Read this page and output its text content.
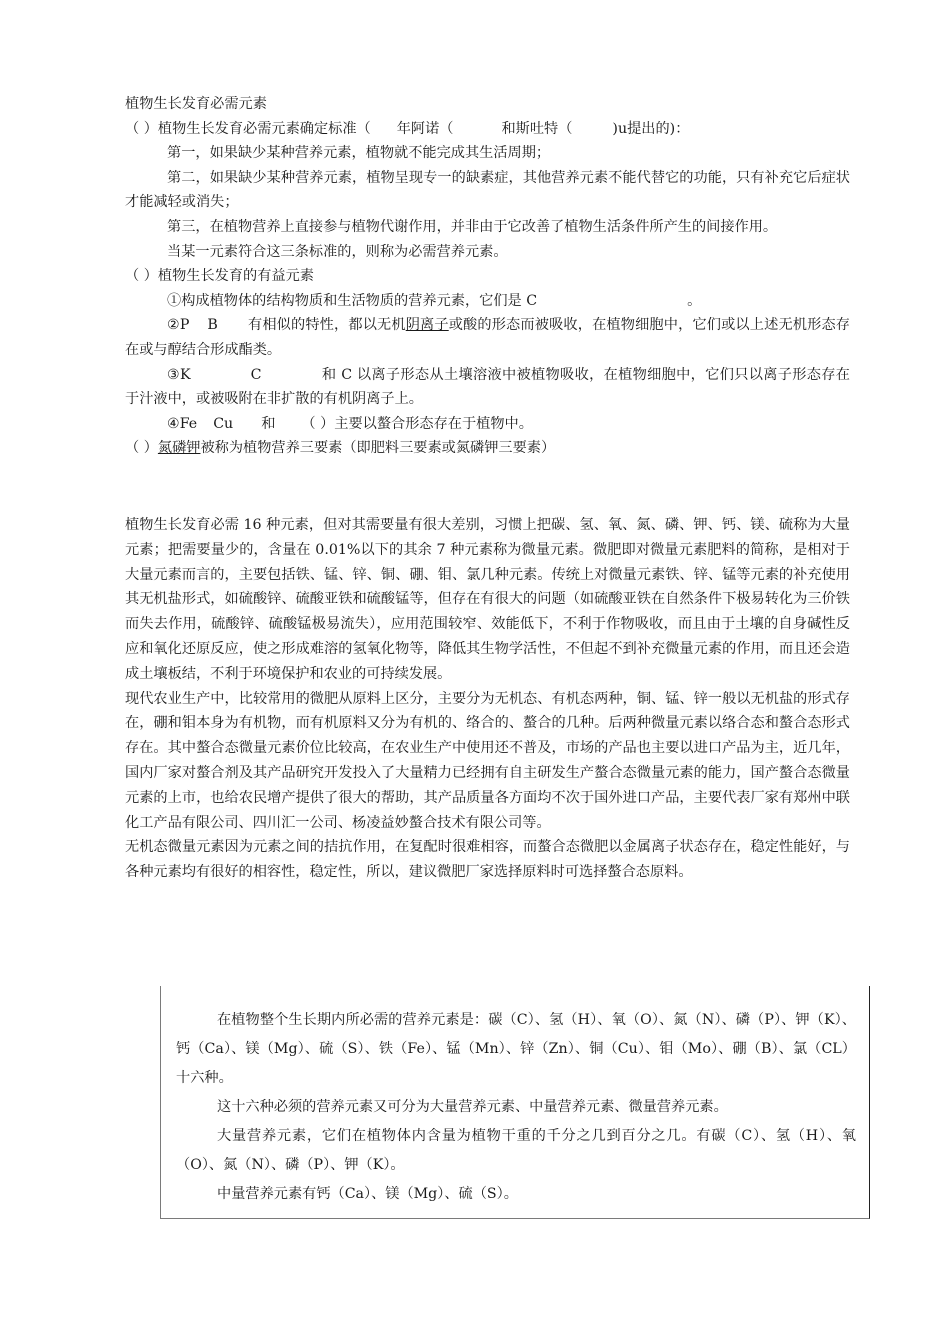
植物生长发育必需元素

（ ）植物生长发育必需元素确定标准（ 年阿诺（	和斯吐特（	)u提出的)：

第一，如果缺少某种营养元素，植物就不能完成其生活周期；

第二，如果缺少某种营养元素，植物呈现专一的缺素症，其他营养元素不能代替它的功能，只有补充它后症状才能减轻或消失；

第三，在植物营养上直接参与植物代谢作用，并非由于它改善了植物生活条件所产生的间接作用。

当某一元素符合这三条标准的，则称为必需营养元素。

（ ）植物生长发育的有益元素

①构成植物体的结构物质和生活物质的营养元素，它们是 C	。

②P B 有相似的特性，都以无机阴离子或酸的形态而被吸收，在植物细胞中，它们或以上述无机形态存在或与醇结合形成酯类。

③K	C	和 C 以离子形态从土壤溶液中被植物吸收，在植物细胞中，它们只以离子形态存在于汁液中，或被吸附在非扩散的有机阴离子上。

④Fe Cu 和 （ ）主要以螯合形态存在于植物中。

（ ）氮磷钾被称为植物营养三要素（即肥料三要素或氮磷钾三要素）

植物生长发育必需 16 种元素，但对其需要量有很大差别，习惯上把碳、氢、氧、氮、磷、钾、钙、镁、硫称为大量元素；把需要量少的，含量在 0.01%以下的其余 7 种元素称为微量元素。微肥即对微量元素肥料的简称，是相对于大量元素而言的，主要包括铁、锰、锌、铜、硼、钼、氯几种元素。传统上对微量元素铁、锌、锰等元素的补充使用其无机盐形式，如硫酸锌、硫酸亚铁和硫酸锰等，但存在有很大的问题（如硫酸亚铁在自然条件下极易转化为三价铁而失去作用，硫酸锌、硫酸锰极易流失），应用范围较窄、效能低下，不利于作物吸收，而且由于土壤的自身碱性反应和氧化还原反应，使之形成难溶的氢氧化物等，降低其生物学活性，不但起不到补充微量元素的作用，而且还会造成土壤板结，不利于环境保护和农业的可持续发展。

现代农业生产中，比较常用的微肥从原料上区分，主要分为无机态、有机态两种，铜、锰、锌一般以无机盐的形式存在，硼和钼本身为有机物，而有机原料又分为有机的、络合的、螯合的几种。后两种微量元素以络合态和螯合态形式存在。其中螯合态微量元素价位比较高，在农业生产中使用还不普及，市场的产品也主要以进口产品为主，近几年，国内厂家对螯合剂及其产品研究开发投入了大量精力已经拥有自主研发生产螯合态微量元素的能力，国产螯合态微量元素的上市，也给农民增产提供了很大的帮助，其产品质量各方面均不次于国外进口产品，主要代表厂家有郑州中联化工产品有限公司、四川汇一公司、杨凌益妙螯合技术有限公司等。

无机态微量元素因为元素之间的拮抗作用，在复配时很难相容，而螯合态微肥以金属离子状态存在，稳定性能好，与各种元素均有很好的相容性，稳定性，所以，建议微肥厂家选择原料时可选择螯合态原料。

在植物整个生长期内所必需的营养元素是：碳（C）、氢（H）、氧（O）、氮（N）、磷（P）、钾（K）、钙（Ca）、镁（Mg）、硫（S）、铁（Fe）、锰（Mn）、锌（Zn）、铜（Cu）、钼（Mo）、硼（B）、氯（CL）十六种。

这十六种必须的营养元素又可分为大量营养元素、中量营养元素、微量营养元素。

大量营养元素，它们在植物体内含量为植物干重的千分之几到百分之几。有碳（C）、氢（H）、氧（O）、氮（N）、磷（P）、钾（K）。

中量营养元素有钙（Ca）、镁（Mg）、硫（S）。
